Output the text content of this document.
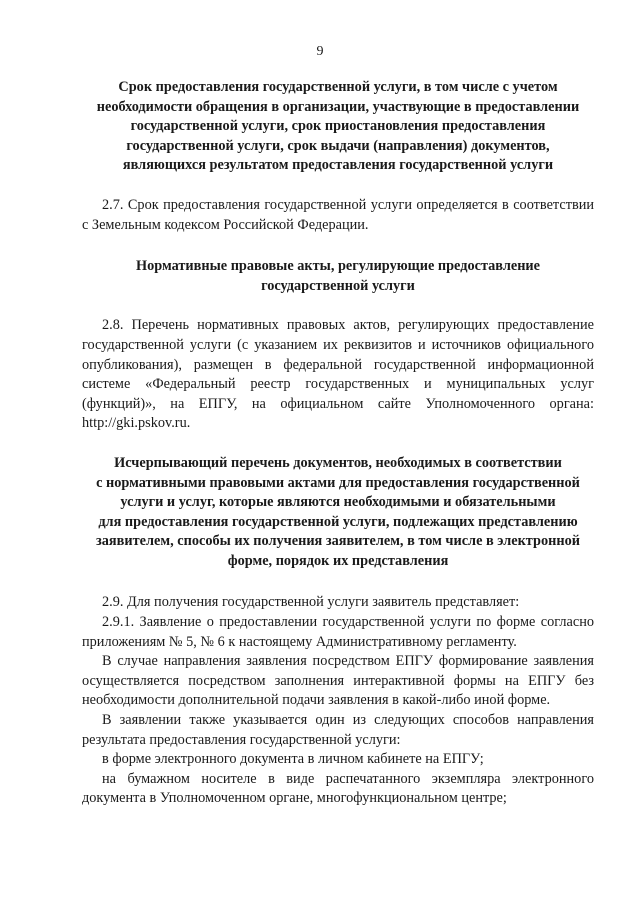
9

Срок предоставления государственной услуги, в том числе с учетом
необходимости обращения в организации, участвующие в предоставлении
государственной услуги, срок приостановления предоставления
государственной услуги, срок выдачи (направления) документов,
являющихся результатом предоставления государственной услуги

2.7. Срок предоставления государственной услуги определяется в соответствии с Земельным кодексом Российской Федерации.

Нормативные правовые акты, регулирующие предоставление
государственной услуги

2.8. Перечень нормативных правовых актов, регулирующих предоставление государственной услуги (с указанием их реквизитов и источников официального опубликования), размещен в федеральной государственной информационной системе «Федеральный реестр государственных и муниципальных услуг (функций)», на ЕПГУ, на официальном сайте Уполномоченного органа: http://gki.pskov.ru.

Исчерпывающий перечень документов, необходимых в соответствии
с нормативными правовыми актами для предоставления государственной
услуги и услуг, которые являются необходимыми и обязательными
для предоставления государственной услуги, подлежащих представлению
заявителем, способы их получения заявителем, в том числе в электронной
форме, порядок их представления

2.9. Для получения государственной услуги заявитель представляет:

2.9.1. Заявление о предоставлении государственной услуги по форме согласно приложениям № 5, № 6 к настоящему Административному регламенту.

В случае направления заявления посредством ЕПГУ формирование заявления осуществляется посредством заполнения интерактивной формы на ЕПГУ без необходимости дополнительной подачи заявления в какой-либо иной форме.

В заявлении также указывается один из следующих способов направления результата предоставления государственной услуги:

в форме электронного документа в личном кабинете на ЕПГУ;

на бумажном носителе в виде распечатанного экземпляра электронного документа в Уполномоченном органе, многофункциональном центре;
